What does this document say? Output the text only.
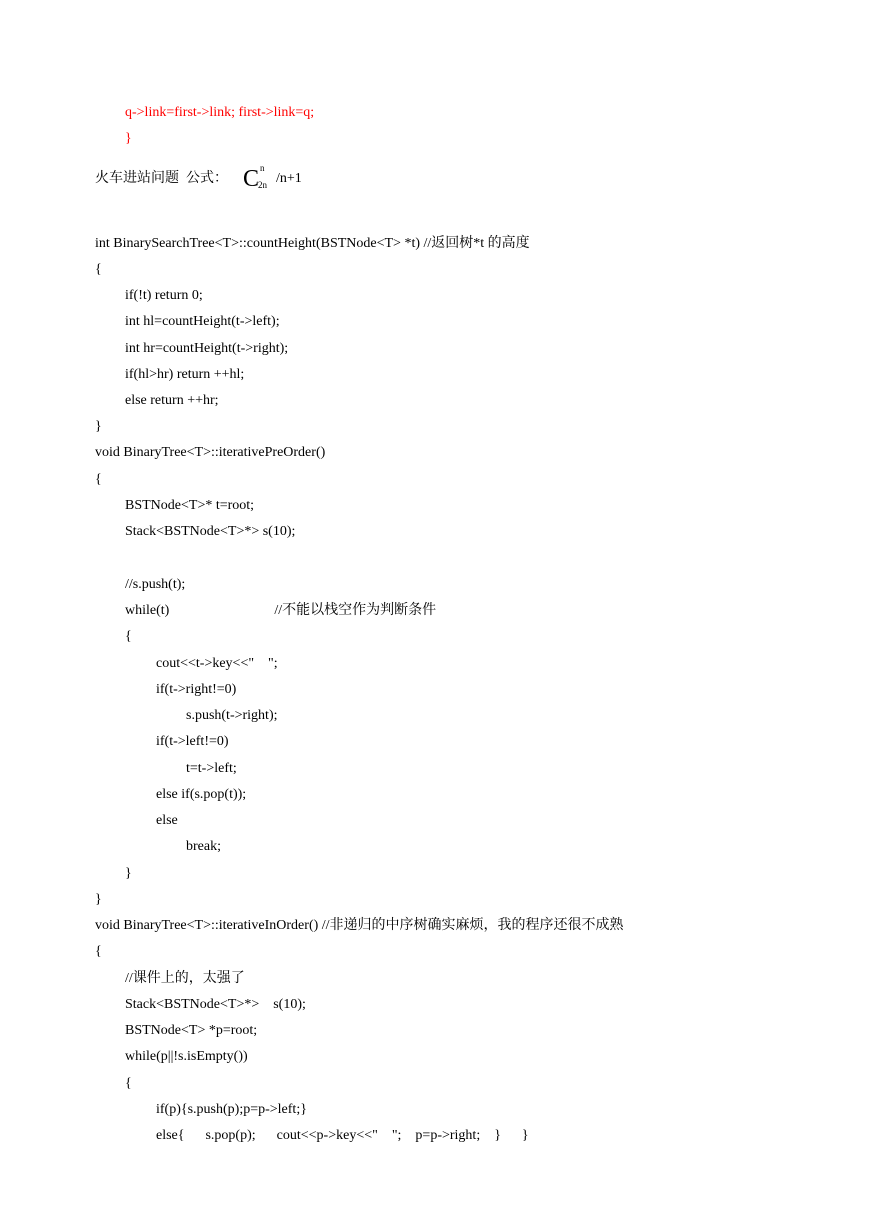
q->link=first->link; first->link=q;
}
火车进站问题  公式： C n
2n /n+1
int BinarySearchTree<T>::countHeight(BSTNode<T> *t) //返回树*t 的高度
{
if(!t) return 0;
int hl=countHeight(t->left);
int hr=countHeight(t->right);
if(hl>hr) return ++hl;
else return ++hr;
}
void BinaryTree<T>::iterativePreOrder()
{
BSTNode<T>* t=root;
Stack<BSTNode<T>*> s(10);
//s.push(t);
while(t)                              //不能以栈空作为判断条件
{
cout<<t->key<<"    ";
if(t->right!=0)
s.push(t->right);
if(t->left!=0)
t=t->left;
else if(s.pop(t));
else
break;
}
}
void BinaryTree<T>::iterativeInOrder() //非递归的中序树确实麻烦，我的程序还很不成熟
{
//课件上的，太强了
Stack<BSTNode<T>*>    s(10);
BSTNode<T> *p=root;
while(p||!s.isEmpty())
{
if(p){s.push(p);p=p->left;}
else{      s.pop(p);      cout<<p->key<<"    ";    p=p->right;    }      }
